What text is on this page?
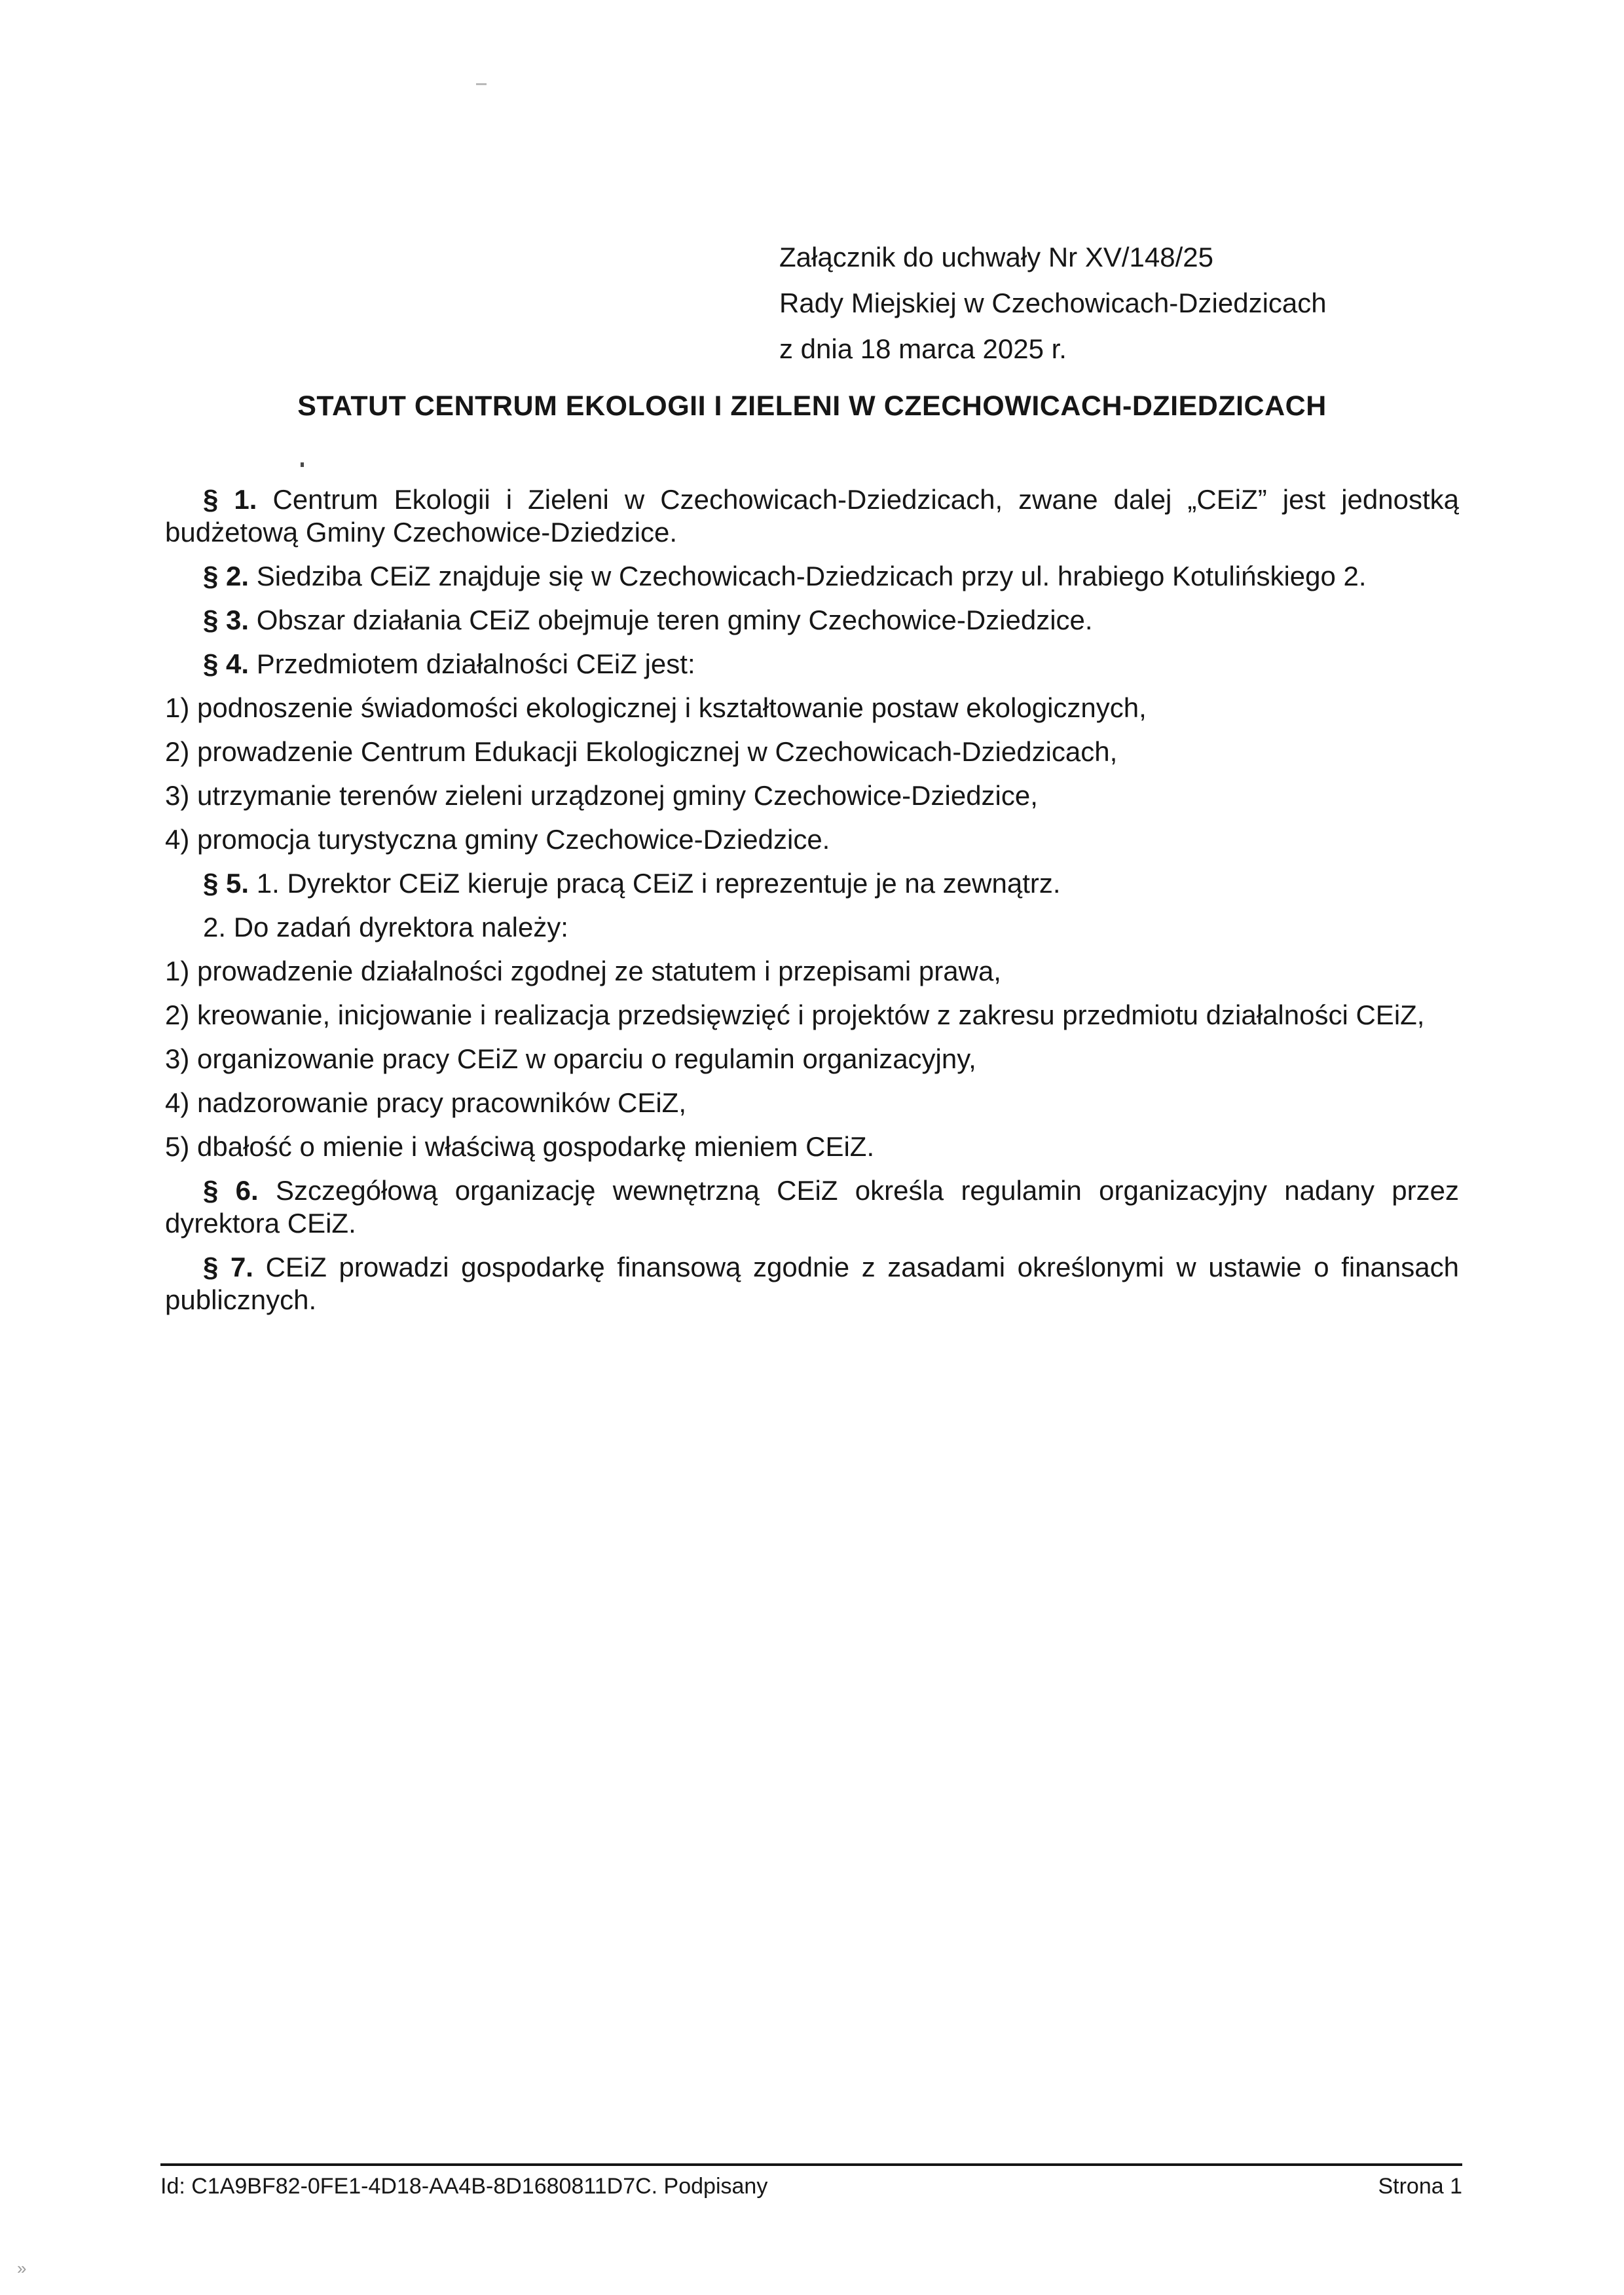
Załącznik do uchwały Nr XV/148/25
Rady Miejskiej w Czechowicach-Dziedzicach
z dnia 18 marca 2025 r.
STATUT CENTRUM EKOLOGII I ZIELENI W CZECHOWICACH-DZIEDZICACH

§ 1. Centrum Ekologii i Zieleni w Czechowicach-Dziedzicach, zwane dalej „CEiZ” jest jednostką budżetową Gminy Czechowice-Dziedzice.

§ 2. Siedziba CEiZ znajduje się w Czechowicach-Dziedzicach przy ul. hrabiego Kotulińskiego 2.

§ 3. Obszar działania CEiZ obejmuje teren gminy Czechowice-Dziedzice.

§ 4. Przedmiotem działalności CEiZ jest:

1) podnoszenie świadomości ekologicznej i kształtowanie postaw ekologicznych,

2) prowadzenie Centrum Edukacji Ekologicznej w Czechowicach-Dziedzicach,

3) utrzymanie terenów zieleni urządzonej gminy Czechowice-Dziedzice,

4) promocja turystyczna gminy Czechowice-Dziedzice.

§ 5. 1. Dyrektor CEiZ kieruje pracą CEiZ i reprezentuje je na zewnątrz.

2. Do zadań dyrektora należy:

1) prowadzenie działalności zgodnej ze statutem i przepisami prawa,

2) kreowanie, inicjowanie i realizacja przedsięwzięć i projektów z zakresu przedmiotu działalności CEiZ,

3) organizowanie pracy CEiZ w oparciu o regulamin organizacyjny,

4) nadzorowanie pracy pracowników CEiZ,

5) dbałość o mienie i właściwą gospodarkę mieniem CEiZ.

§ 6. Szczegółową organizację wewnętrzną CEiZ określa regulamin organizacyjny nadany przez dyrektora CEiZ.

§ 7. CEiZ prowadzi gospodarkę finansową zgodnie z zasadami określonymi w ustawie o finansach publicznych.

Id: C1A9BF82-0FE1-4D18-AA4B-8D1680811D7C. Podpisany	Strona 1
»
